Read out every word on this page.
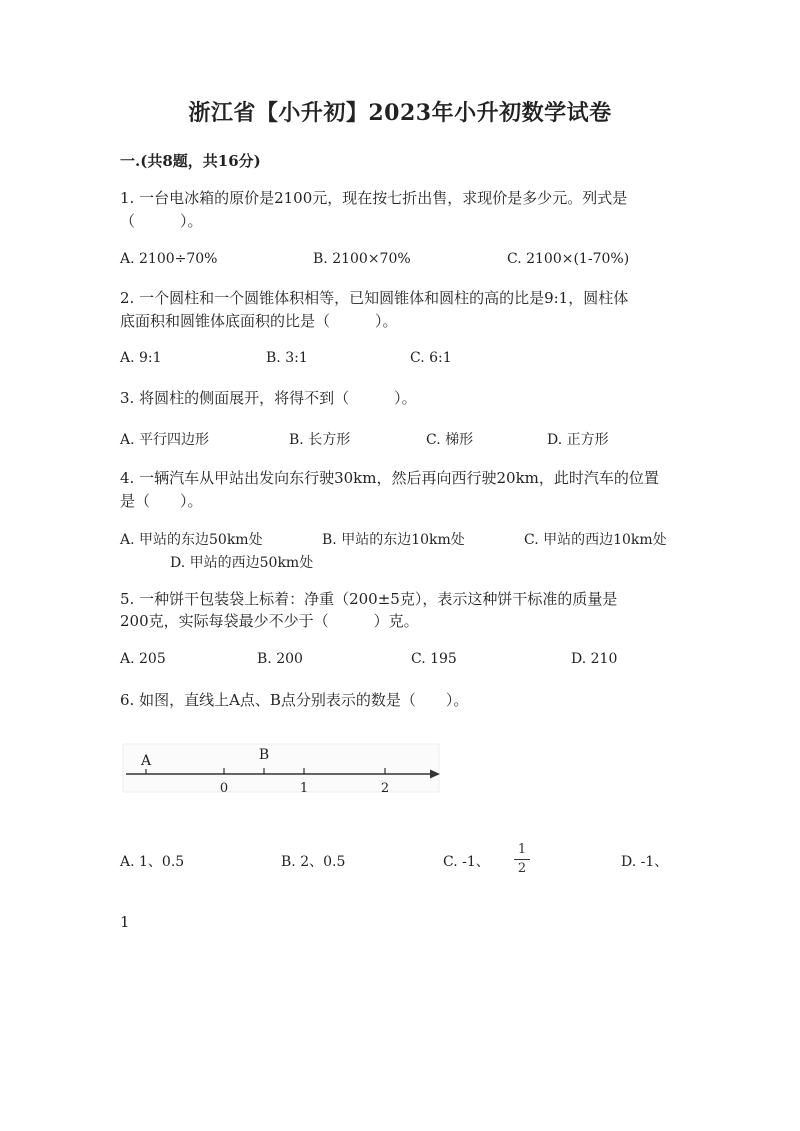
浙江省【小升初】2023年小升初数学试卷
一.(共8题，共16分)
1. 一台电冰箱的原价是2100元，现在按七折出售，求现价是多少元。列式是
（　　　）。
A. 2100÷70%	B. 2100×70%	C. 2100×(1-70%)
2. 一个圆柱和一个圆锥体积相等，已知圆锥体和圆柱的高的比是9:1，圆柱体
底面积和圆锥体底面积的比是（　　　）。
A. 9:1	B. 3:1	C. 6:1
3. 将圆柱的侧面展开，将得不到（　　　）。
A. 平行四边形	B. 长方形	C. 梯形	D. 正方形
4. 一辆汽车从甲站出发向东行驶30km，然后再向西行驶20km，此时汽车的位置
是（　　）。
A. 甲站的东边50km处	B. 甲站的东边10km处	C. 甲站的西边10km处
D. 甲站的西边50km处
5. 一种饼干包装袋上标着：净重（200±5克），表示这种饼干标准的质量是
200克，实际每袋最少不少于（　　　）克。
A. 205	B. 200	C. 195	D. 210
6. 如图，直线上A点、B点分别表示的数是（　　）。
A	B
0	1	2
A. 1、0.5	B. 2、0.5	C. -1、
1
2	D. -1、
1
